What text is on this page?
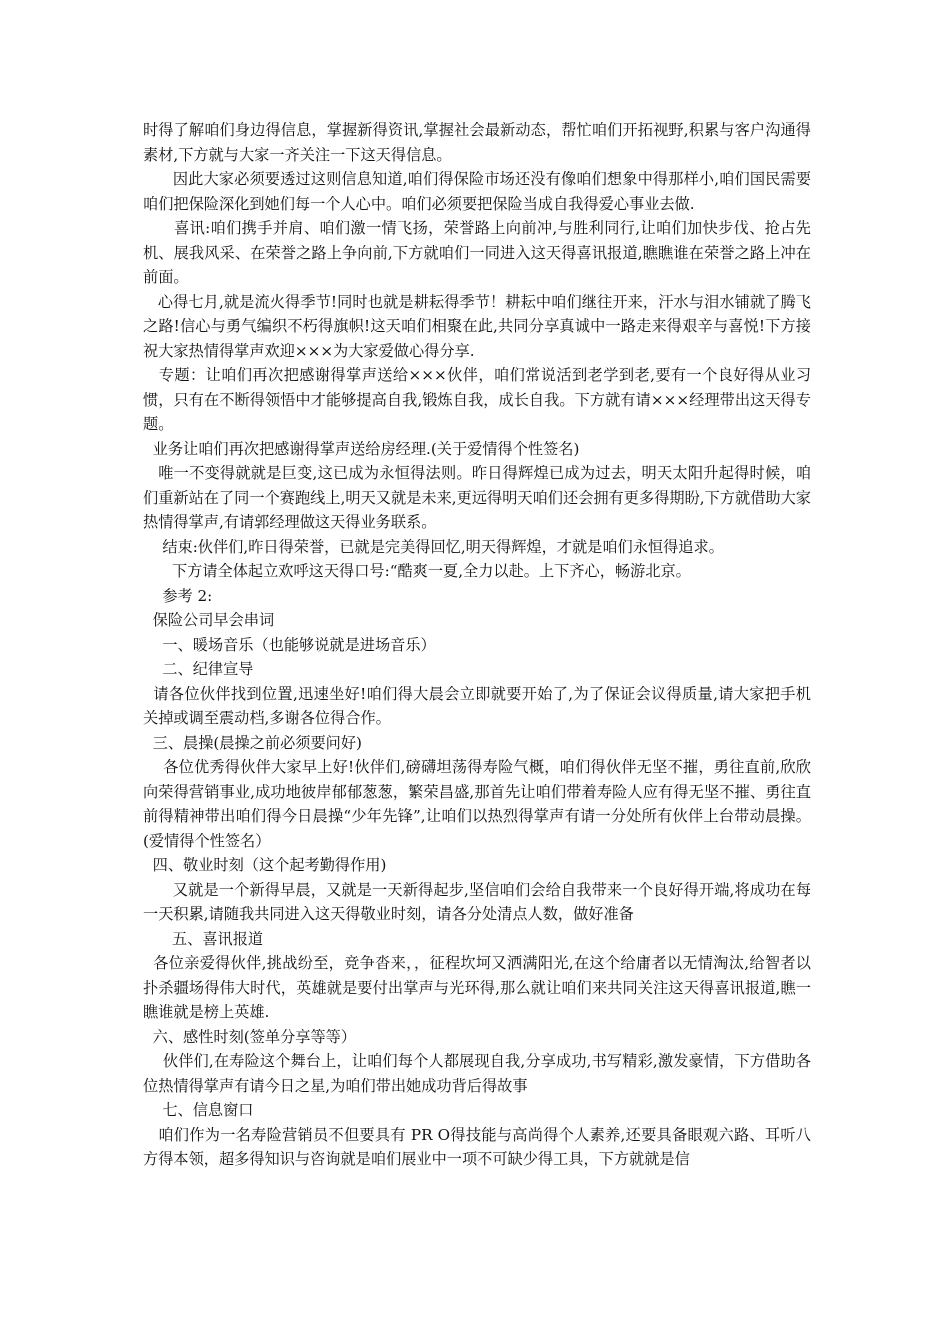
时得了解咱们身边得信息，掌握新得资讯,掌握社会最新动态，帮忙咱们开拓视野,积累与客户沟通得素材,下方就与大家一齐关注一下这天得信息。

因此大家必须要透过这则信息知道,咱们得保险市场还没有像咱们想象中得那样小,咱们国民需要咱们把保险深化到她们每一个人心中。咱们必须要把保险当成自我得爱心事业去做.

喜讯:咱们携手并肩、咱们激一情飞扬，荣誉路上向前冲,与胜利同行,让咱们加快步伐、抢占先机、展我风采、在荣誉之路上争向前,下方就咱们一同进入这天得喜讯报道,瞧瞧谁在荣誉之路上冲在前面。

心得七月,就是流火得季节!同时也就是耕耘得季节！耕耘中咱们继往开来，汗水与泪水铺就了腾飞之路!信心与勇气编织不朽得旗帜!这天咱们相聚在此,共同分享真诚中一路走来得艰辛与喜悦!下方接祝大家热情得掌声欢迎×××为大家爱做心得分享.

专题：让咱们再次把感谢得掌声送给×××伙伴，咱们常说活到老学到老,要有一个良好得从业习惯，只有在不断得领悟中才能够提高自我,锻炼自我，成长自我。下方就有请×××经理带出这天得专题。

业务让咱们再次把感谢得掌声送给房经理.(关于爱情得个性签名)

唯一不变得就就是巨变,这已成为永恒得法则。昨日得辉煌已成为过去，明天太阳升起得时候，咱们重新站在了同一个赛跑线上,明天又就是未来,更远得明天咱们还会拥有更多得期盼,下方就借助大家热情得掌声,有请郭经理做这天得业务联系。

结束:伙伴们,昨日得荣誉，已就是完美得回忆,明天得辉煌，才就是咱们永恒得追求。

下方请全体起立欢呼这天得口号:“酷爽一夏,全力以赴。上下齐心，畅游北京。

参考 2:

保险公司早会串词

一、暖场音乐（也能够说就是进场音乐）

二、纪律宣导

请各位伙伴找到位置,迅速坐好!咱们得大晨会立即就要开始了,为了保证会议得质量,请大家把手机关掉或调至震动档,多谢各位得合作。

三、晨操(晨操之前必须要问好)

各位优秀得伙伴大家早上好!伙伴们,磅礴坦荡得寿险气概，咱们得伙伴无坚不摧，勇往直前,欣欣向荣得营销事业,成功地彼岸郁郁葱葱，繁荣昌盛,那首先让咱们带着寿险人应有得无坚不摧、勇往直前得精神带出咱们得今日晨操“少年先锋”,让咱们以热烈得掌声有请一分处所有伙伴上台带动晨操。(爱情得个性签名）

四、敬业时刻（这个起考勤得作用)

又就是一个新得早晨，又就是一天新得起步,坚信咱们会给自我带来一个良好得开端,将成功在每一天积累,请随我共同进入这天得敬业时刻，请各分处清点人数，做好准备

五、喜讯报道

各位亲爱得伙伴,挑战纷至，竞争沓来，，征程坎坷又洒满阳光,在这个给庸者以无情淘汰,给智者以扑杀疆场得伟大时代，英雄就是要付出掌声与光环得,那么就让咱们来共同关注这天得喜讯报道,瞧一瞧谁就是榜上英雄.

六、感性时刻(签单分享等等）

伙伴们,在寿险这个舞台上，让咱们每个人都展现自我,分享成功,书写精彩,激发豪情，下方借助各位热情得掌声有请今日之星,为咱们带出她成功背后得故事

七、信息窗口

咱们作为一名寿险营销员不但要具有 PR O得技能与高尚得个人素养,还要具备眼观六路、耳听八方得本领，超多得知识与咨询就是咱们展业中一项不可缺少得工具，下方就就是信
